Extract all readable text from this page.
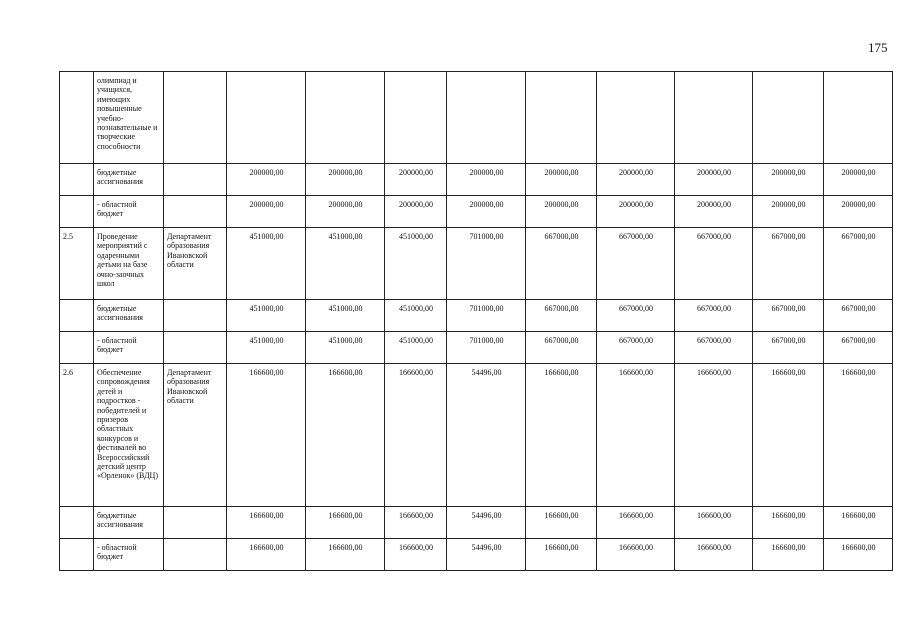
175
	олимпиад и учащихся, имеющих повышенные учебно-познавательные и творческие способности										
	бюджетные ассигнования		200000,00	200000,00	200000,00	200000,00	200000,00	200000,00	200000,00	200000,00	200000,00
	- областной бюджет		200000,00	200000,00	200000,00	200000,00	200000,00	200000,00	200000,00	200000,00	200000,00
2.5	Проведение мероприятий с одаренными детьми на базе очно-заочных школ	Департамент образования Ивановской области	451000,00	451000,00	451000,00	701000,00	667000,00	667000,00	667000,00	667000,00	667000,00
	бюджетные ассигнования		451000,00	451000,00	451000,00	701000,00	667000,00	667000,00	667000,00	667000,00	667000,00
	- областной бюджет		451000,00	451000,00	451000,00	701000,00	667000,00	667000,00	667000,00	667000,00	667000,00
2.6	Обеспечение сопровождения детей и подростков - победителей и призеров областных конкурсов и фестивалей во Всероссийский детский центр «Орленок» (ВДЦ)	Департамент образования Ивановской области	166600,00	166600,00	166600,00	54496,00	166600,00	166600,00	166600,00	166600,00	166600,00
	бюджетные ассигнования		166600,00	166600,00	166600,00	54496,00	166600,00	166600,00	166600,00	166600,00	166600,00
	- областной бюджет		166600,00	166600,00	166600,00	54496,00	166600,00	166600,00	166600,00	166600,00	166600,00
